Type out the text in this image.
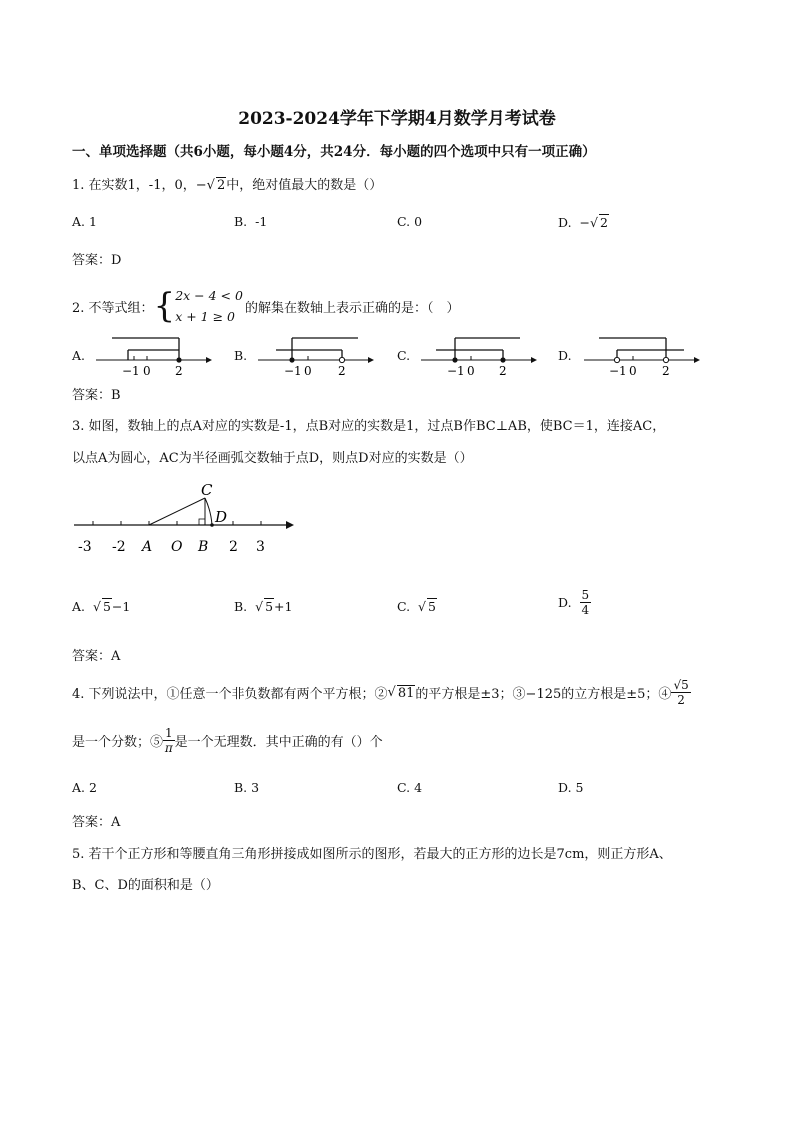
2023-2024学年下学期4月数学月考试卷
一、单项选择题（共6小题，每小题4分，共24分．每小题的四个选项中只有一项正确）
1. 在实数1，-1，0，−√ 2中，绝对值最大的数是（）
A. 1	B. -1	C. 0	D. −√ 2
答案：D
2. 不等式组： { 2x − 4 < 0
x + 1 ≥ 0
的解集在数轴上表示正确的是：（　）
A.	B.	C.	D.
−1 0 2	−1 0 2	−1 0 2	−1 0 2
答案：B
3. 如图，数轴上的点A对应的实数是-1，点B对应的实数是1，过点B作BC⊥AB，使BC＝1，连接AC，
以点A为圆心，AC为半径画弧交数轴于点D，则点D对应的实数是（）
C
D
-3 -2 A O B 2 3
A.  √ 5−1	B.  √ 5+1	C.  √ 5	D.
$\frac{5}{4}$
答案：A
4. 下列说法中，①任意一个非负数都有两个平方根；② √ 81 的平方根是±3；③−125的立方根是±5；④ $\frac{√5}{2}$
是一个分数；⑤ $\frac{1}{\pi}$ 是一个无理数．其中正确的有（）个
A. 2	B. 3	C. 4	D. 5
答案：A
5. 若干个正方形和等腰直角三角形拼接成如图所示的图形，若最大的正方形的边长是7cm，则正方形A、
B、C、D的面积和是（）
